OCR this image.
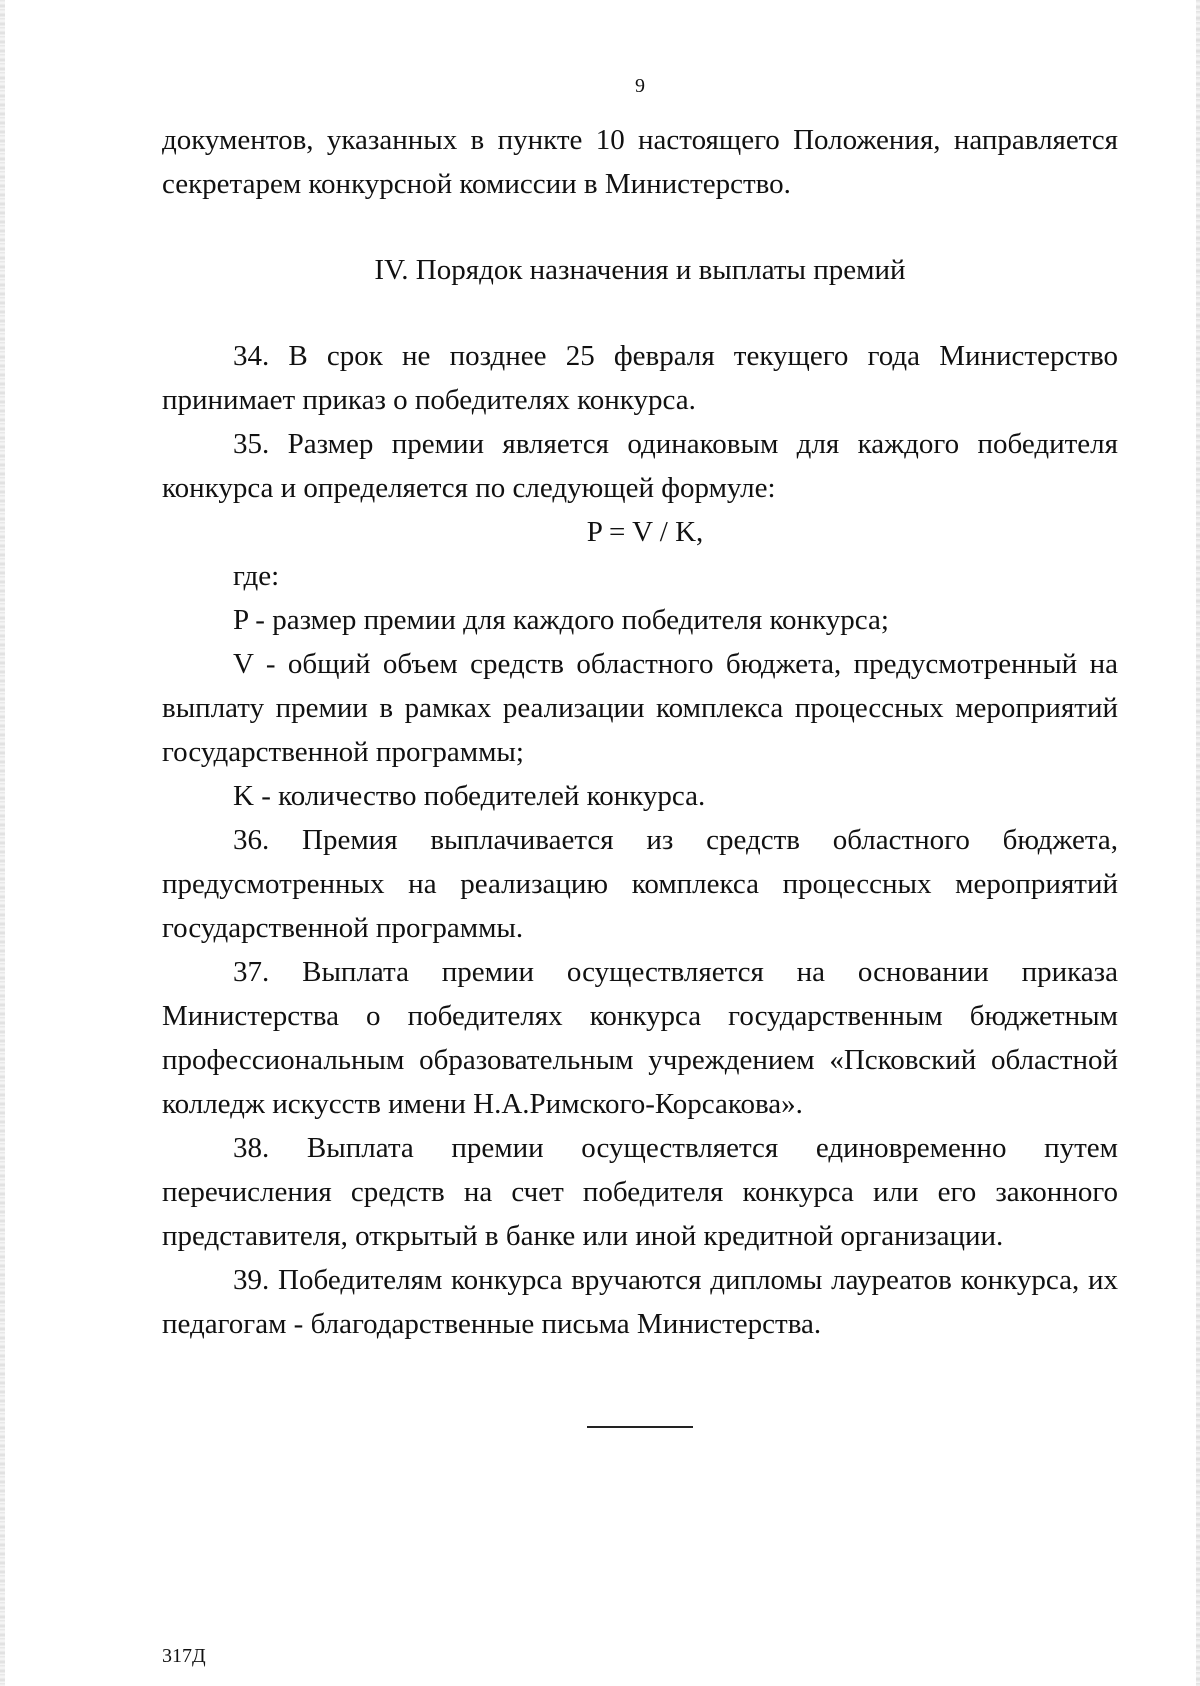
9

документов, указанных в пункте 10 настоящего Положения, направляется секретарем конкурсной комиссии в Министерство.

IV. Порядок назначения и выплаты премий

34. В срок не позднее 25 февраля текущего года Министерство принимает приказ о победителях конкурса.

35. Размер премии является одинаковым для каждого победителя конкурса и определяется по следующей формуле:

P = V / K,

где:

P - размер премии для каждого победителя конкурса;

V - общий объем средств областного бюджета, предусмотренный на выплату премии в рамках реализации комплекса процессных мероприятий государственной программы;

K - количество победителей конкурса.

36. Премия выплачивается из средств областного бюджета, предусмотренных на реализацию комплекса процессных мероприятий государственной программы.

37. Выплата премии осуществляется на основании приказа Министерства о победителях конкурса государственным бюджетным профессиональным образовательным учреждением «Псковский областной колледж искусств имени Н.А.Римского-Корсакова».

38. Выплата премии осуществляется единовременно путем перечисления средств на счет победителя конкурса или его законного представителя, открытый в банке или иной кредитной организации.

39. Победителям конкурса вручаются дипломы лауреатов конкурса, их педагогам - благодарственные письма Министерства.

317Д
